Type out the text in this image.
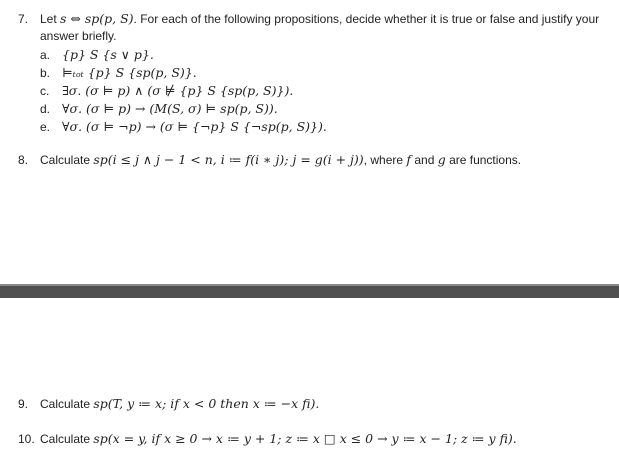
7. Let s ⇔ sp(p, S). For each of the following propositions, decide whether it is true or false and justify your
answer briefly.
a. {p} S {s ∨ p}.
b. ⊨ₜₒₜ {p} S {sp(p, S)}.
c. ∃σ. (σ ⊨ p) ∧ (σ ⊭ {p} S {sp(p, S)}).
d. ∀σ. (σ ⊨ p) → (M(S, σ) ⊨ sp(p, S)).
e. ∀σ. (σ ⊨ ¬p) → (σ ⊨ {¬p} S {¬sp(p, S)}).
8. Calculate sp(i ≤ j ∧ j − 1 < n, i ≔ f(i ∗ j); j = g(i + j)), where f and g are functions.
9. Calculate sp(T, y ≔ x; if x < 0 then x ≔ −x fi).
10. Calculate sp(x = y, if x ≥ 0 → x ≔ y + 1; z ≔ x □ x ≤ 0 → y ≔ x − 1; z ≔ y fi).
